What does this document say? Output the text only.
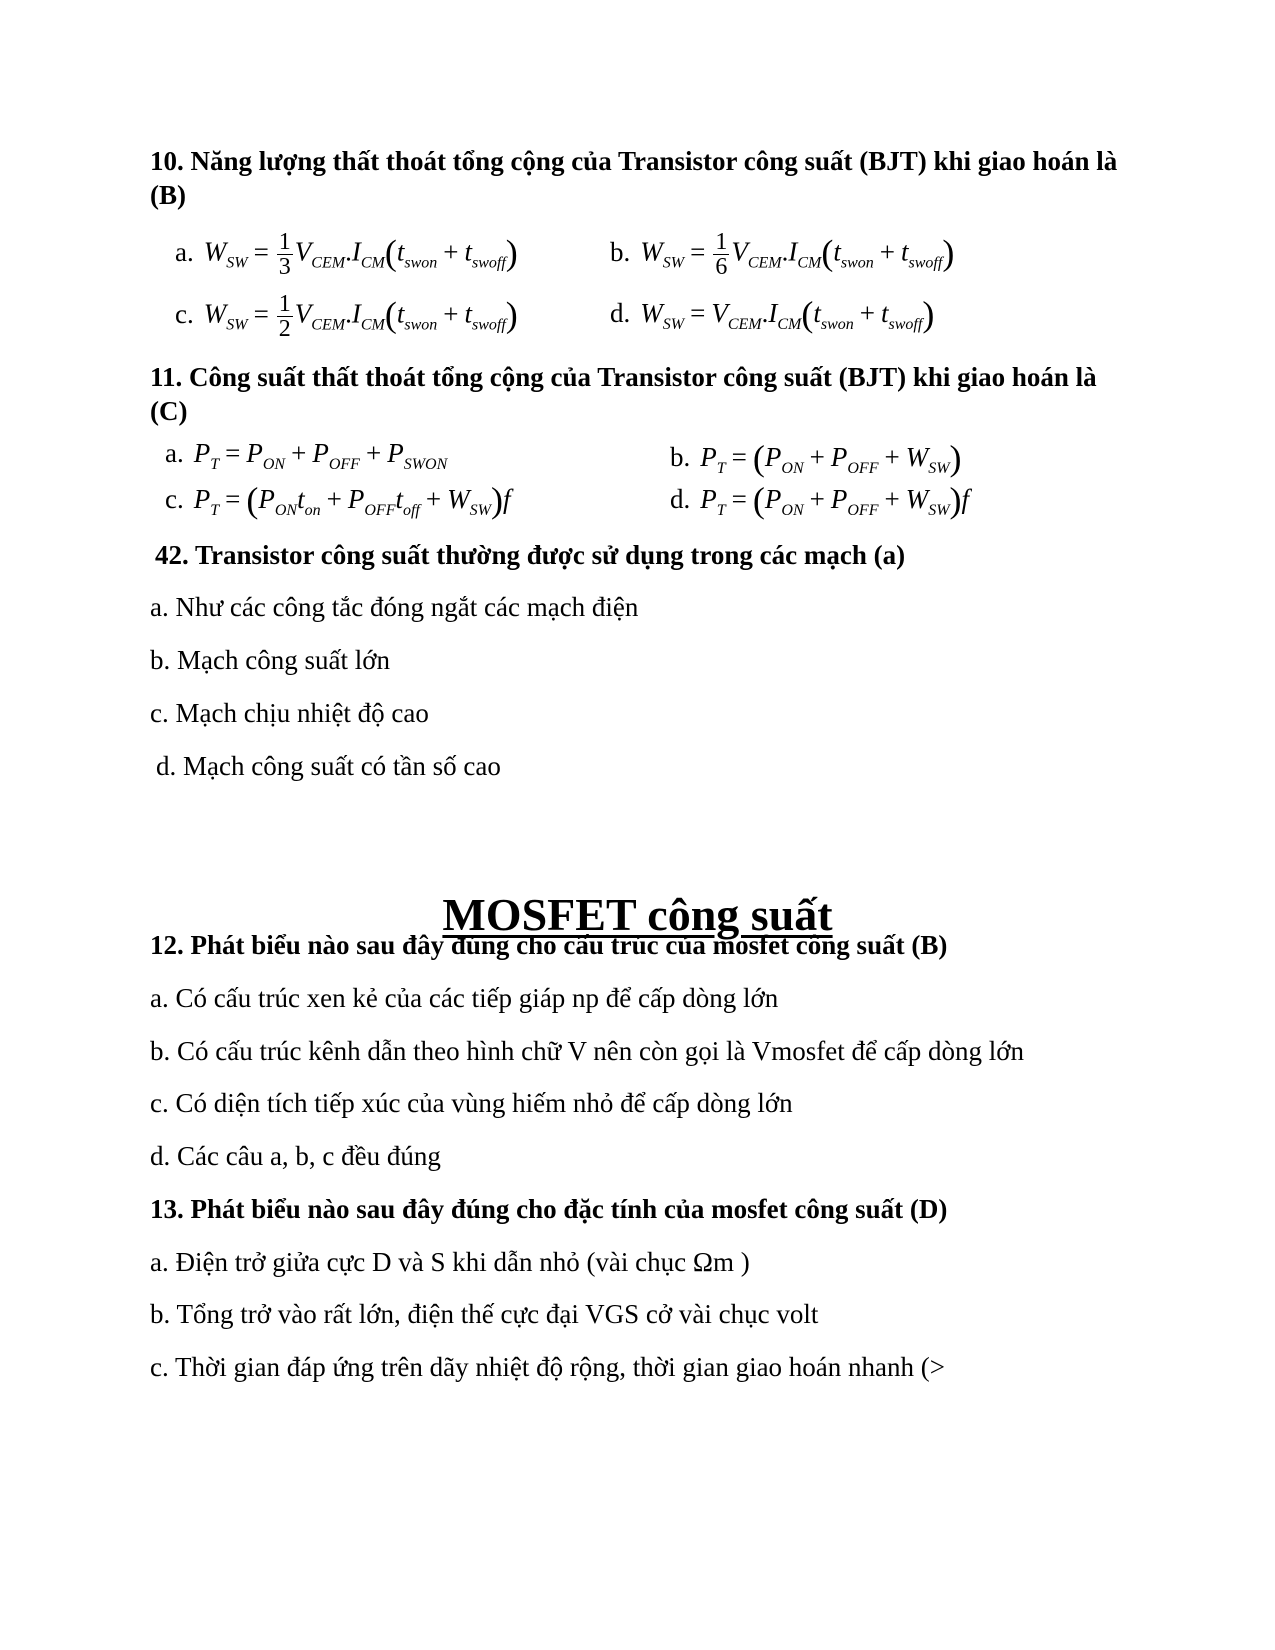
10. Năng lượng thất thoát tổng cộng của Transistor công suất (BJT) khi giao hoán là (B)
a. $W_{SW} = \frac{1}{3} V_{CEM}.I_{CM}(t_{swon} + t_{swoff})$	b. $W_{SW} = \frac{1}{6} V_{CEM}.I_{CM}(t_{swon} + t_{swoff})$
c. $W_{SW} = \frac{1}{2} V_{CEM}.I_{CM}(t_{swon} + t_{swoff})$	d. $W_{SW} = V_{CEM}.I_{CM}(t_{swon} + t_{swoff})$
11. Công suất thất thoát tổng cộng của Transistor công suất (BJT) khi giao hoán là (C)
a. $P_T = P_{ON} + P_{OFF} + P_{SWON}$	b. $P_T = (P_{ON} + P_{OFF} + W_{SW})$
c. $P_T = (P_{ON}t_{on} + P_{OFF}t_{off} + W_{SW})f$	d. $P_T = (P_{ON} + P_{OFF} + W_{SW})f$
42. Transistor công suất thường được sử dụng trong các mạch (a)
a. Như các công tắc đóng ngắt các mạch điện
b. Mạch công suất lớn
c. Mạch chịu nhiệt độ cao
d. Mạch công suất có tần số cao
MOSFET công suất
12. Phát biểu nào sau đây đúng cho cấu trúc của mosfet công suất (B)
a. Có cấu trúc xen kẻ của các tiếp giáp np để cấp dòng lớn
b. Có cấu trúc kênh dẫn theo hình chữ V nên còn gọi là Vmosfet để cấp dòng lớn
c. Có diện tích tiếp xúc của vùng hiếm nhỏ để cấp dòng lớn
d. Các câu a, b, c đều đúng
13. Phát biểu nào sau đây đúng cho đặc tính của mosfet công suất (D)
a. Điện trở giửa cực D và S khi dẫn nhỏ (vài chục Ωm )
b. Tổng trở vào rất lớn, điện thế cực đại VGS cở vài chục volt
c. Thời gian đáp ứng trên dãy nhiệt độ rộng, thời gian giao hoán nhanh (>
